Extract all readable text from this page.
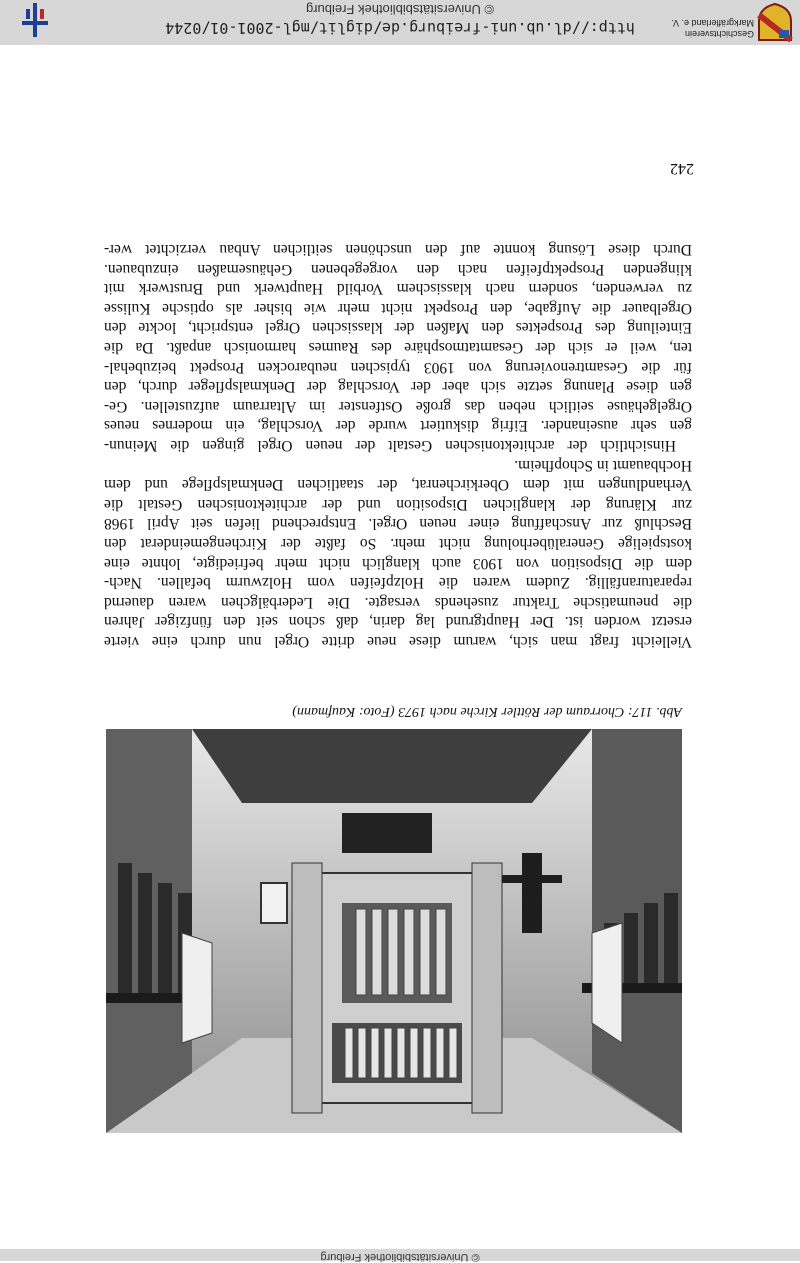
http://dl.ub.uni-freiburg.de/diglit/mgl-2001-01/0244
© Universitätsbibliothek Freiburg
Geschichtsverein Markgräflerland e. V.
© Universitätsbibliothek Freiburg
Abb. 117: Chorraum der Röttler Kirche nach 1973 (Foto: Kaufmann)
Vielleicht fragt man sich, warum diese neue dritte Orgel nun durch eine vierte
ersetzt worden ist. Der Hauptgrund lag darin, daß schon seit den fünfziger Jahren
die pneumatische Traktur zusehends versagte. Die Lederbälgchen waren dauernd
reparaturanfällig. Zudem waren die Holzpfeifen vom Holzwurm befallen. Nach-
dem die Disposition von 1903 auch klanglich nicht mehr befriedigte, lohnte eine
kostspielige Generalüberholung nicht mehr. So faßte der Kirchengemeinderat den
Beschluß zur Anschaffung einer neuen Orgel. Entsprechend liefen seit April 1968
zur Klärung der klanglichen Disposition und der architektonischen Gestalt die
Verhandlungen mit dem Oberkirchenrat, der staatlichen Denkmalspflege und dem
Hochbauamt in Schopfheim.
Hinsichtlich der architektonischen Gestalt der neuen Orgel gingen die Meinun-
gen sehr auseinander. Eifrig diskutiert wurde der Vorschlag, ein modernes neues
Orgelgehäuse seitlich neben das große Ostfenster im Altarraum aufzustellen. Ge-
gen diese Planung setzte sich aber der Vorschlag der Denkmalspfleger durch, den
für die Gesamtrenovierung von 1903 typischen neubarocken Prospekt beizubehal-
ten, weil er sich der Gesamtatmosphäre des Raumes harmonisch anpaßt. Da die
Einteilung des Prospektes den Maßen der klassischen Orgel entspricht, lockte den
Orgelbauer die Aufgabe, den Prospekt nicht mehr wie bisher als optische Kulisse
zu verwenden, sondern nach klassischem Vorbild Hauptwerk und Brustwerk mit
klingenden Prospektpfeifen nach den vorgegebenen Gehäusemaßen einzubauen.
Durch diese Lösung konnte auf den unschönen seitlichen Anbau verzichtet wer-
242
